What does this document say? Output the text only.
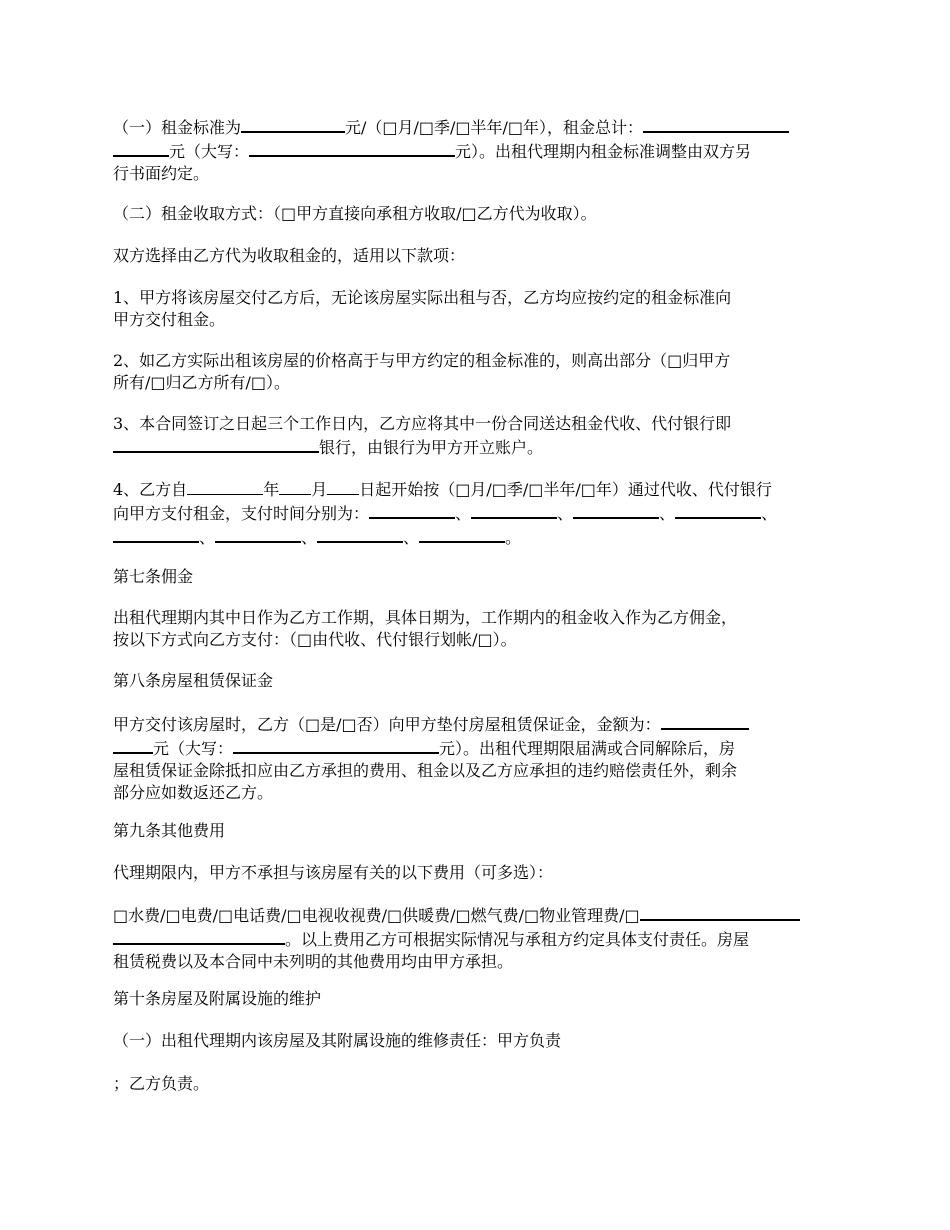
（一）租金标准为	元/（□月/□季/□半年/□年），租金总计：
元（大写：	元）。出租代理期内租金标准调整由双方另
行书面约定。
（二）租金收取方式：（□甲方直接向承租方收取/□乙方代为收取）。
双方选择由乙方代为收取租金的，适用以下款项：
1、甲方将该房屋交付乙方后，无论该房屋实际出租与否，乙方均应按约定的租金标准向
甲方交付租金。
2、如乙方实际出租该房屋的价格高于与甲方约定的租金标准的，则高出部分（□归甲方
所有/□归乙方所有/□）。
3、本合同签订之日起三个工作日内，乙方应将其中一份合同送达租金代收、代付银行即
银行，由银行为甲方开立账户。
4、乙方自	年 月 日起开始按（□月/□季/□半年/□年）通过代收、代付银行
向甲方支付租金，支付时间分别为：	、	、	、	、
、	、	、	。
第七条佣金
出租代理期内其中日作为乙方工作期，具体日期为，工作期内的租金收入作为乙方佣金，
按以下方式向乙方支付：（□由代收、代付银行划帐/□）。
第八条房屋租赁保证金
甲方交付该房屋时，乙方（□是/□否）向甲方垫付房屋租赁保证金，金额为：
元（大写：	元）。出租代理期限届满或合同解除后，房
屋租赁保证金除抵扣应由乙方承担的费用、租金以及乙方应承担的违约赔偿责任外，剩余
部分应如数返还乙方。
第九条其他费用
代理期限内，甲方不承担与该房屋有关的以下费用（可多选）：
□水费/□电费/□电话费/□电视收视费/□供暖费/□燃气费/□物业管理费/□
。以上费用乙方可根据实际情况与承租方约定具体支付责任。房屋
租赁税费以及本合同中未列明的其他费用均由甲方承担。
第十条房屋及附属设施的维护
（一）出租代理期内该房屋及其附属设施的维修责任：甲方负责
；乙方负责。
